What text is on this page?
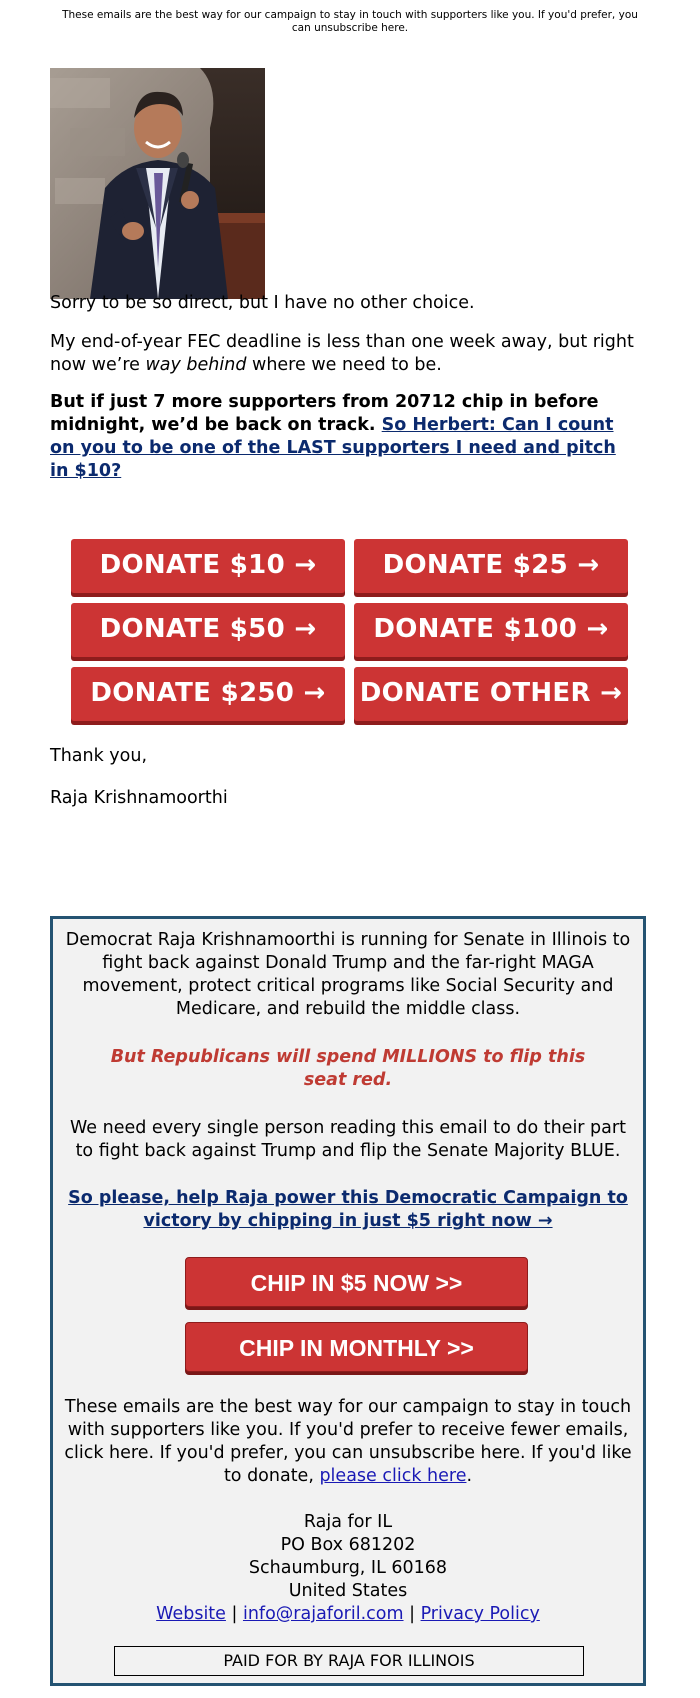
These emails are the best way for our campaign to stay in touch with supporters like you. If you'd prefer, you can unsubscribe here.

Sorry to be so direct, but I have no other choice.

My end-of-year FEC deadline is less than one week away, but right now we’re way behind where we need to be.

But if just 7 more supporters from 20712 chip in before midnight, we’d be back on track. So Herbert: Can I count on you to be one of the LAST supporters I need and pitch in $10?

DONATE $10 →	DONATE $25 →
DONATE $50 →	DONATE $100 →
DONATE $250 →	DONATE OTHER →

Thank you,

Raja Krishnamoorthi

Democrat Raja Krishnamoorthi is running for Senate in Illinois to fight back against Donald Trump and the far-right MAGA movement, protect critical programs like Social Security and Medicare, and rebuild the middle class.

But Republicans will spend MILLIONS to flip this seat red.

We need every single person reading this email to do their part to fight back against Trump and flip the Senate Majority BLUE.

So please, help Raja power this Democratic Campaign to victory by chipping in just $5 right now →

CHIP IN $5 NOW >>
CHIP IN MONTHLY >>

These emails are the best way for our campaign to stay in touch with supporters like you. If you'd prefer to receive fewer emails, click here. If you'd prefer, you can unsubscribe here. If you'd like to donate, please click here.

Raja for IL

PO Box 681202

Schaumburg, IL 60168

United States

Website | info@rajaforil.com | Privacy Policy

PAID FOR BY RAJA FOR ILLINOIS
